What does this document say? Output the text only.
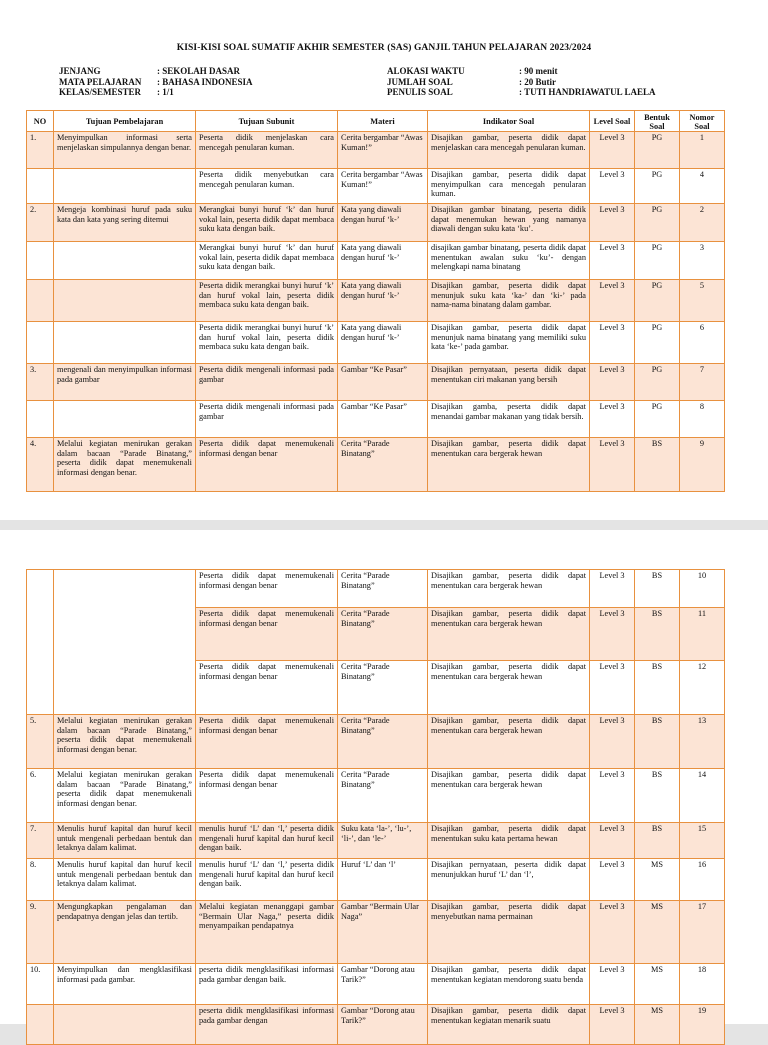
KISI-KISI SOAL SUMATIF AKHIR SEMESTER (SAS) GANJIL TAHUN PELAJARAN 2023/2024
JENJANG	: SEKOLAH DASAR
MATA PELAJARAN	: BAHASA INDONESIA
KELAS/SEMESTER	: 1/1
ALOKASI WAKTU	: 90 menit
JUMLAH SOAL	: 20 Butir
PENULIS SOAL	: TUTI HANDRIAWATUL LAELA
NO	Tujuan Pembelajaran	Tujuan Subunit	Materi	Indikator Soal	Level Soal	Bentuk Soal	Nomor Soal
1.	Menyimpulkan informasi serta menjelaskan simpulannya dengan benar.	Peserta didik menjelaskan cara mencegah penularan kuman.	Cerita bergambar “Awas Kuman!”	Disajikan gambar, peserta didik dapat menjelaskan cara mencegah penularan kuman.	Level 3	PG	1
		Peserta didik menyebutkan cara mencegah penularan kuman.	Cerita bergambar “Awas Kuman!”	Disajikan gambar, peserta didik dapat menyimpulkan cara mencegah penularan kuman.	Level 3	PG	4
2.	Mengeja kombinasi huruf pada suku kata dan kata yang sering ditemui	Merangkai bunyi huruf ‘k’ dan huruf vokal lain, peserta didik dapat membaca suku kata dengan baik.	Kata yang diawali dengan huruf ‘k-’	Disajikan gambar binatang, peserta didik dapat menemukan hewan yang namanya diawali dengan suku kata ‘ku’.	Level 3	PG	2
		Merangkai bunyi huruf ‘k’ dan huruf vokal lain, peserta didik dapat membaca suku kata dengan baik.	Kata yang diawali dengan huruf ‘k-’	disajikan gambar binatang, peserta didik dapat menentukan awalan suku ‘ku’- dengan melengkapi nama binatang	Level 3	PG	3
		Peserta didik merangkai bunyi huruf ‘k’ dan huruf vokal lain, peserta didik membaca suku kata dengan baik.	Kata yang diawali dengan huruf ‘k-’	Disajikan gambar, peserta didik dapat menunjuk suku kata ‘ka-’ dan ‘ki-’ pada nama-nama binatang dalam gambar.	Level 3	PG	5
		Peserta didik merangkai bunyi huruf ‘k’ dan huruf vokal lain, peserta didik membaca suku kata dengan baik.	Kata yang diawali dengan huruf ‘k-’	Disajikan gambar, peserta didik dapat menunjuk nama binatang yang memiliki suku kata ‘ke-’ pada gambar.	Level 3	PG	6
3.	mengenali dan menyimpulkan informasi pada gambar	Peserta didik mengenali informasi pada gambar	Gambar “Ke Pasar”	Disajikan pernyataan, peserta didik dapat menentukan ciri makanan yang bersih	Level 3	PG	7
		Peserta didik mengenali informasi pada gambar	Gambar “Ke Pasar”	Disajikan gamba, peserta didik dapat menandai gambar makanan yang tidak bersih.	Level 3	PG	8
4.	Melalui kegiatan menirukan gerakan dalam bacaan “Parade Binatang,” peserta didik dapat menemukenali informasi dengan benar.	Peserta didik dapat menemukenali informasi dengan benar	Cerita “Parade Binatang”	Disajikan gambar, peserta didik dapat menentukan cara bergerak hewan	Level 3	BS	9
		Peserta didik dapat menemukenali informasi dengan benar	Cerita “Parade Binatang”	Disajikan gambar, peserta didik dapat menentukan cara bergerak hewan	Level 3	BS	10
		Peserta didik dapat menemukenali informasi dengan benar	Cerita “Parade Binatang”	Disajikan gambar, peserta didik dapat menentukan cara bergerak hewan	Level 3	BS	11
		Peserta didik dapat menemukenali informasi dengan benar	Cerita “Parade Binatang”	Disajikan gambar, peserta didik dapat menentukan cara bergerak hewan	Level 3	BS	12
5.	Melalui kegiatan menirukan gerakan dalam bacaan “Parade Binatang,” peserta didik dapat menemukenali informasi dengan benar.	Peserta didik dapat menemukenali informasi dengan benar	Cerita “Parade Binatang”	Disajikan gambar, peserta didik dapat menentukan cara bergerak hewan	Level 3	BS	13
6.	Melalui kegiatan menirukan gerakan dalam bacaan “Parade Binatang,” peserta didik dapat menemukenali informasi dengan benar.	Peserta didik dapat menemukenali informasi dengan benar	Cerita “Parade Binatang”	Disajikan gambar, peserta didik dapat menentukan cara bergerak hewan	Level 3	BS	14
7.	Menulis huruf kapital dan huruf kecil untuk mengenali perbedaan bentuk dan letaknya dalam kalimat.	menulis huruf ‘L’ dan ‘l,’ peserta didik mengenali huruf kapital dan huruf kecil dengan baik.	Suku kata ‘la-’, ‘lu-’, ‘li-’, dan ‘le-’	Disajikan gambar, peserta didik dapat menentukan suku kata pertama hewan	Level 3	BS	15
8.	Menulis huruf kapital dan huruf kecil untuk mengenali perbedaan bentuk dan letaknya dalam kalimat.	menulis huruf ‘L’ dan ‘l,’ peserta didik mengenali huruf kapital dan huruf kecil dengan baik.	Huruf ‘L’ dan ‘l’	Disajikan pernyataan, peserta didik dapat menunjukkan huruf ‘L’ dan ‘l’,	Level 3	MS	16
9.	Mengungkapkan pengalaman dan pendapatnya dengan jelas dan tertib.	Melalui kegiatan menanggapi gambar “Bermain Ular Naga,” peserta didik menyampaikan pendapatnya	Gambar “Bermain Ular Naga”	Disajikan gambar, peserta didik dapat menyebutkan nama permainan	Level 3	MS	17
10.	Menyimpulkan dan mengklasifikasi informasi pada gambar.	peserta didik mengklasifikasi informasi pada gambar dengan baik.	Gambar “Dorong atau Tarik?”	Disajikan gambar, peserta didik dapat menentukan kegiatan mendorong suatu benda	Level 3	MS	18
		peserta didik mengklasifikasi informasi pada gambar dengan	Gambar “Dorong atau Tarik?”	Disajikan gambar, peserta didik dapat menentukan kegiatan menarik suatu	Level 3	MS	19
